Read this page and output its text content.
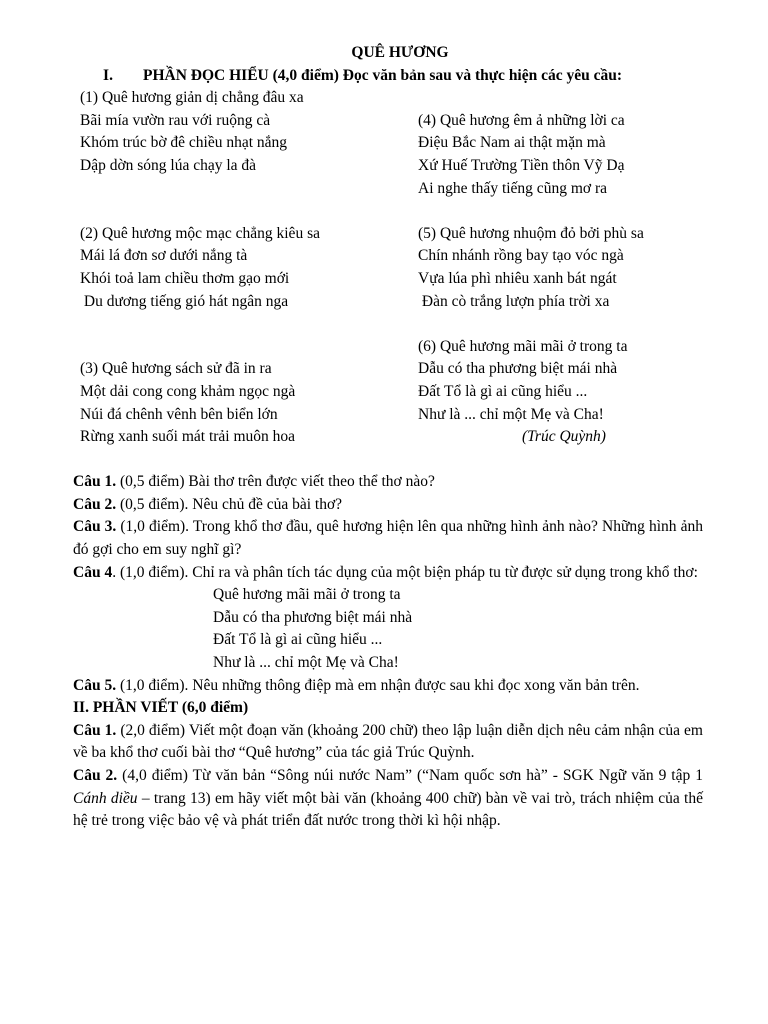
QUÊ HƯƠNG
I.	PHẦN ĐỌC HIỂU (4,0 điểm) Đọc văn bản sau và thực hiện các yêu cầu:
(1) Quê hương giản dị chẳng đâu xa
Bãi mía vườn rau với ruộng cà
Khóm trúc bờ đê chiều nhạt nắng
Dập dờn sóng lúa chạy la đà
(2) Quê hương mộc mạc chẳng kiêu sa
Mái lá đơn sơ dưới nắng tà
Khói toả lam chiều thơm gạo mới
Du dương tiếng gió hát ngân nga
(3) Quê hương sách sử đã in ra
Một dải cong cong khảm ngọc ngà
Núi đá chênh vênh bên biển lớn
Rừng xanh suối mát trải muôn hoa
(4) Quê hương êm ả những lời ca
Điệu Bắc Nam ai thật mặn mà
Xứ Huế Trường Tiền thôn Vỹ Dạ
Ai nghe thấy tiếng cũng mơ ra
(5) Quê hương nhuộm đỏ bởi phù sa
Chín nhánh rồng bay tạo vóc ngà
Vựa lúa phì nhiêu xanh bát ngát
Đàn cò trắng lượn phía trời xa
(6) Quê hương mãi mãi ở trong ta
Dẫu có tha phương biệt mái nhà
Đất Tổ là gì ai cũng hiểu ...
Như là ... chỉ một Mẹ và Cha!
(Trúc Quỳnh)
Câu 1. (0,5 điểm) Bài thơ trên được viết theo thể thơ nào?
Câu 2. (0,5 điểm). Nêu chủ đề của bài thơ?
Câu 3. (1,0 điểm). Trong khổ thơ đầu, quê hương hiện lên qua những hình ảnh nào? Những hình ảnh đó gợi cho em suy nghĩ gì?
Câu 4. (1,0 điểm). Chỉ ra và phân tích tác dụng của một biện pháp tu từ được sử dụng trong khổ thơ:
Quê hương mãi mãi ở trong ta
Dẫu có tha phương biệt mái nhà
Đất Tổ là gì ai cũng hiểu ...
Như là ... chỉ một Mẹ và Cha!
Câu 5. (1,0 điểm). Nêu những thông điệp mà em nhận được sau khi đọc xong văn bản trên.
II. PHẦN VIẾT (6,0 điểm)
Câu 1. (2,0 điểm) Viết một đoạn văn (khoảng 200 chữ) theo lập luận diễn dịch nêu cảm nhận của em về ba khổ thơ cuối bài thơ “Quê hương” của tác giả Trúc Quỳnh.
Câu 2. (4,0 điểm) Từ văn bản “Sông núi nước Nam” (“Nam quốc sơn hà” - SGK Ngữ văn 9 tập 1 Cánh diều – trang 13) em hãy viết một bài văn (khoảng 400 chữ) bàn về vai trò, trách nhiệm của thế hệ trẻ trong việc bảo vệ và phát triển đất nước trong thời kì hội nhập.
